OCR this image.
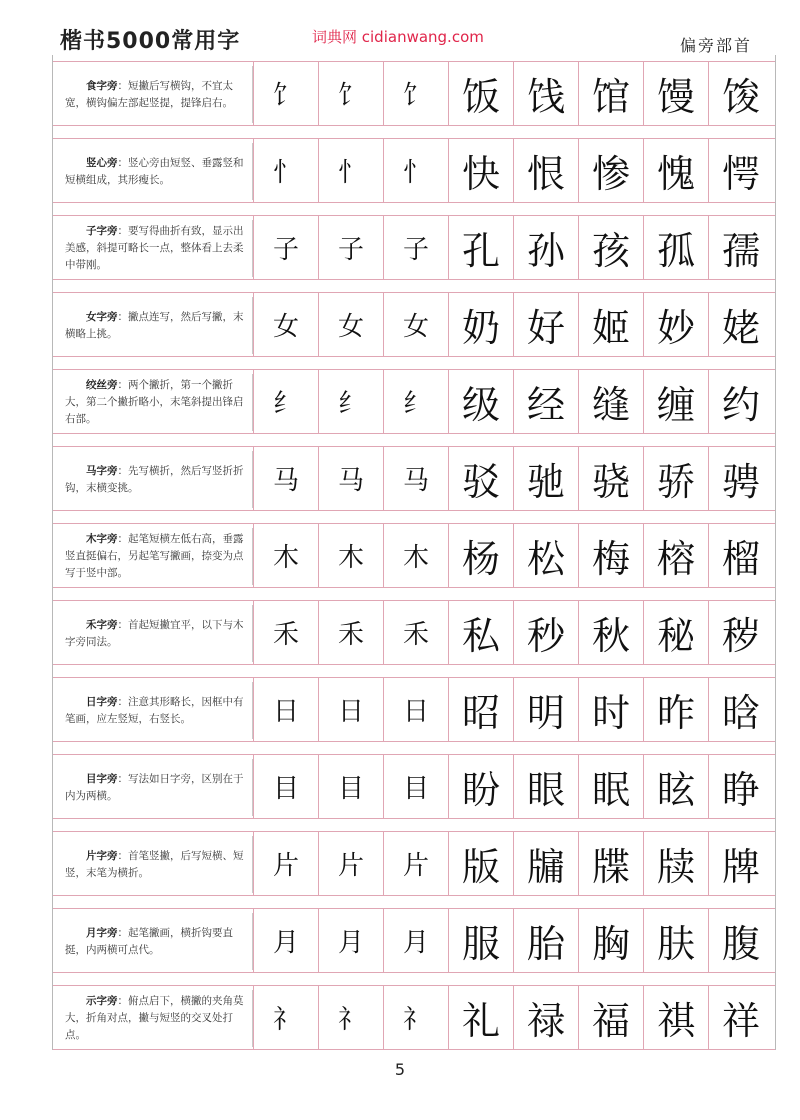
楷书5000常用字	词典网 cidianwang.com	偏旁部首
食字旁：短撇后写横钩，不宜太宽，横钩偏左部起竖提，提锋启右。	饣	饣	饣 饭 饯 馆 馒 馂
竖心旁：竖心旁由短竖、垂露竖和短横组成，其形瘦长。	忄	忄	忄 快 恨 惨 愧 愕
子字旁：要写得曲折有致，显示出美感，斜提可略长一点，整体看上去柔中带刚。	子	子	子 孔 孙 孩 孤 孺
女字旁：撇点连写，然后写撇，末横略上挑。	女	女	女 奶 好 姬 妙 姥
绞丝旁：两个撇折，第一个撇折大，第二个撇折略小，末笔斜提出锋启右部。	纟	纟	纟 级 经 缝 缠 约
马字旁：先写横折，然后写竖折折钩，末横变挑。	马	马	马 驳 驰 骁 骄 骋
木字旁：起笔短横左低右高，垂露竖直挺偏右，另起笔写撇画，捺变为点写于竖中部。	木	木	木 杨 松 梅 榕 榴
禾字旁：首起短撇宜平，以下与木字旁同法。	禾	禾	禾 私 秒 秋 秘 秽
日字旁：注意其形略长，因框中有笔画，应左竖短，右竖长。	日	日	日 昭 明 时 昨 晗
目字旁：写法如日字旁，区别在于内为两横。	目	目	目 盼 眼 眠 眩 睁
片字旁：首笔竖撇，后写短横、短竖，末笔为横折。	片	片	片 版 牖 牒 牍 牌
月字旁：起笔撇画，横折钩要直挺，内两横可点代。	月	月	月 服 胎 胸 肤 腹
示字旁：俯点启下，横撇的夹角莫大，折角对点，撇与短竖的交叉处打点。	礻	礻	礻 礼 禄 福 祺 祥
5
